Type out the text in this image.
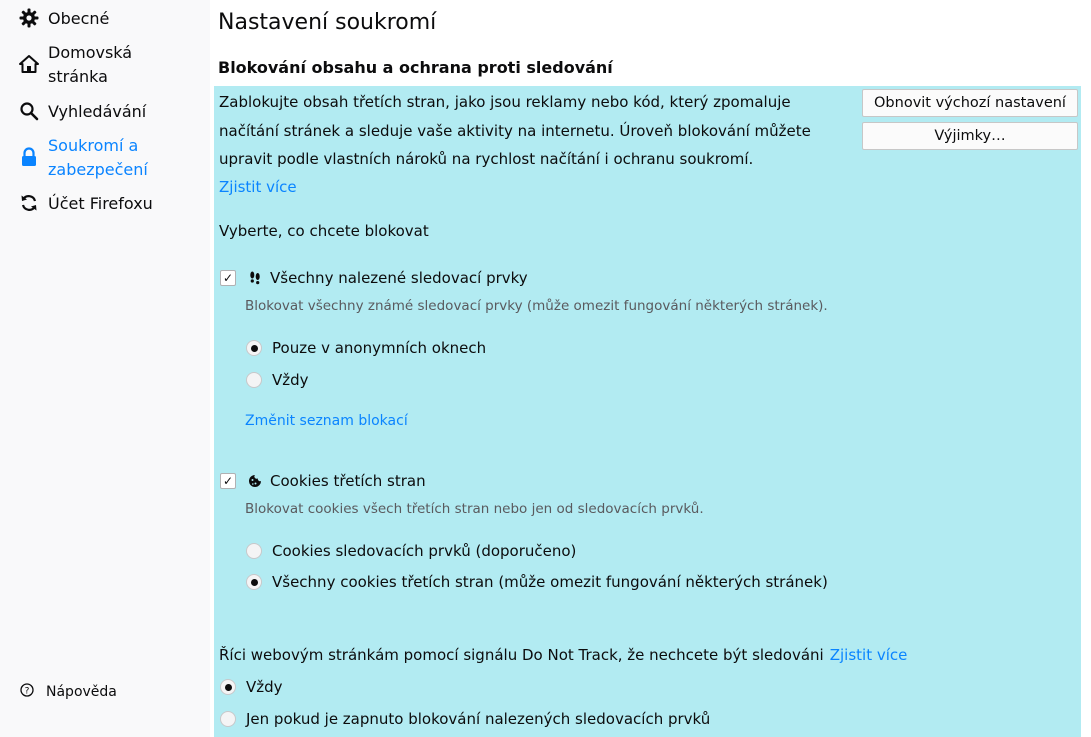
Obecné
Domovská stránka
Vyhledávání
Soukromí a zabezpečení
Účet Firefoxu
? Nápověda
Nastavení soukromí
Blokování obsahu a ochrana proti sledování
Zablokujte obsah třetích stran, jako jsou reklamy nebo kód, který zpomaluje načítání stránek a sleduje vaše aktivity na internetu. Úroveň blokování můžete upravit podle vlastních nároků na rychlost načítání i ochranu soukromí.
Zjistit více
Obnovit výchozí nastavení
Výjimky…
Vyberte, co chcete blokovat
✓ Všechny nalezené sledovací prvky
Blokovat všechny známé sledovací prvky (může omezit fungování některých stránek).
Pouze v anonymních oknech
Vždy
Změnit seznam blokací
✓ Cookies třetích stran
Blokovat cookies všech třetích stran nebo jen od sledovacích prvků.
Cookies sledovacích prvků (doporučeno)
Všechny cookies třetích stran (může omezit fungování některých stránek)
Říci webovým stránkám pomocí signálu Do Not Track, že nechcete být sledováni Zjistit více
Vždy
Jen pokud je zapnuto blokování nalezených sledovacích prvků
